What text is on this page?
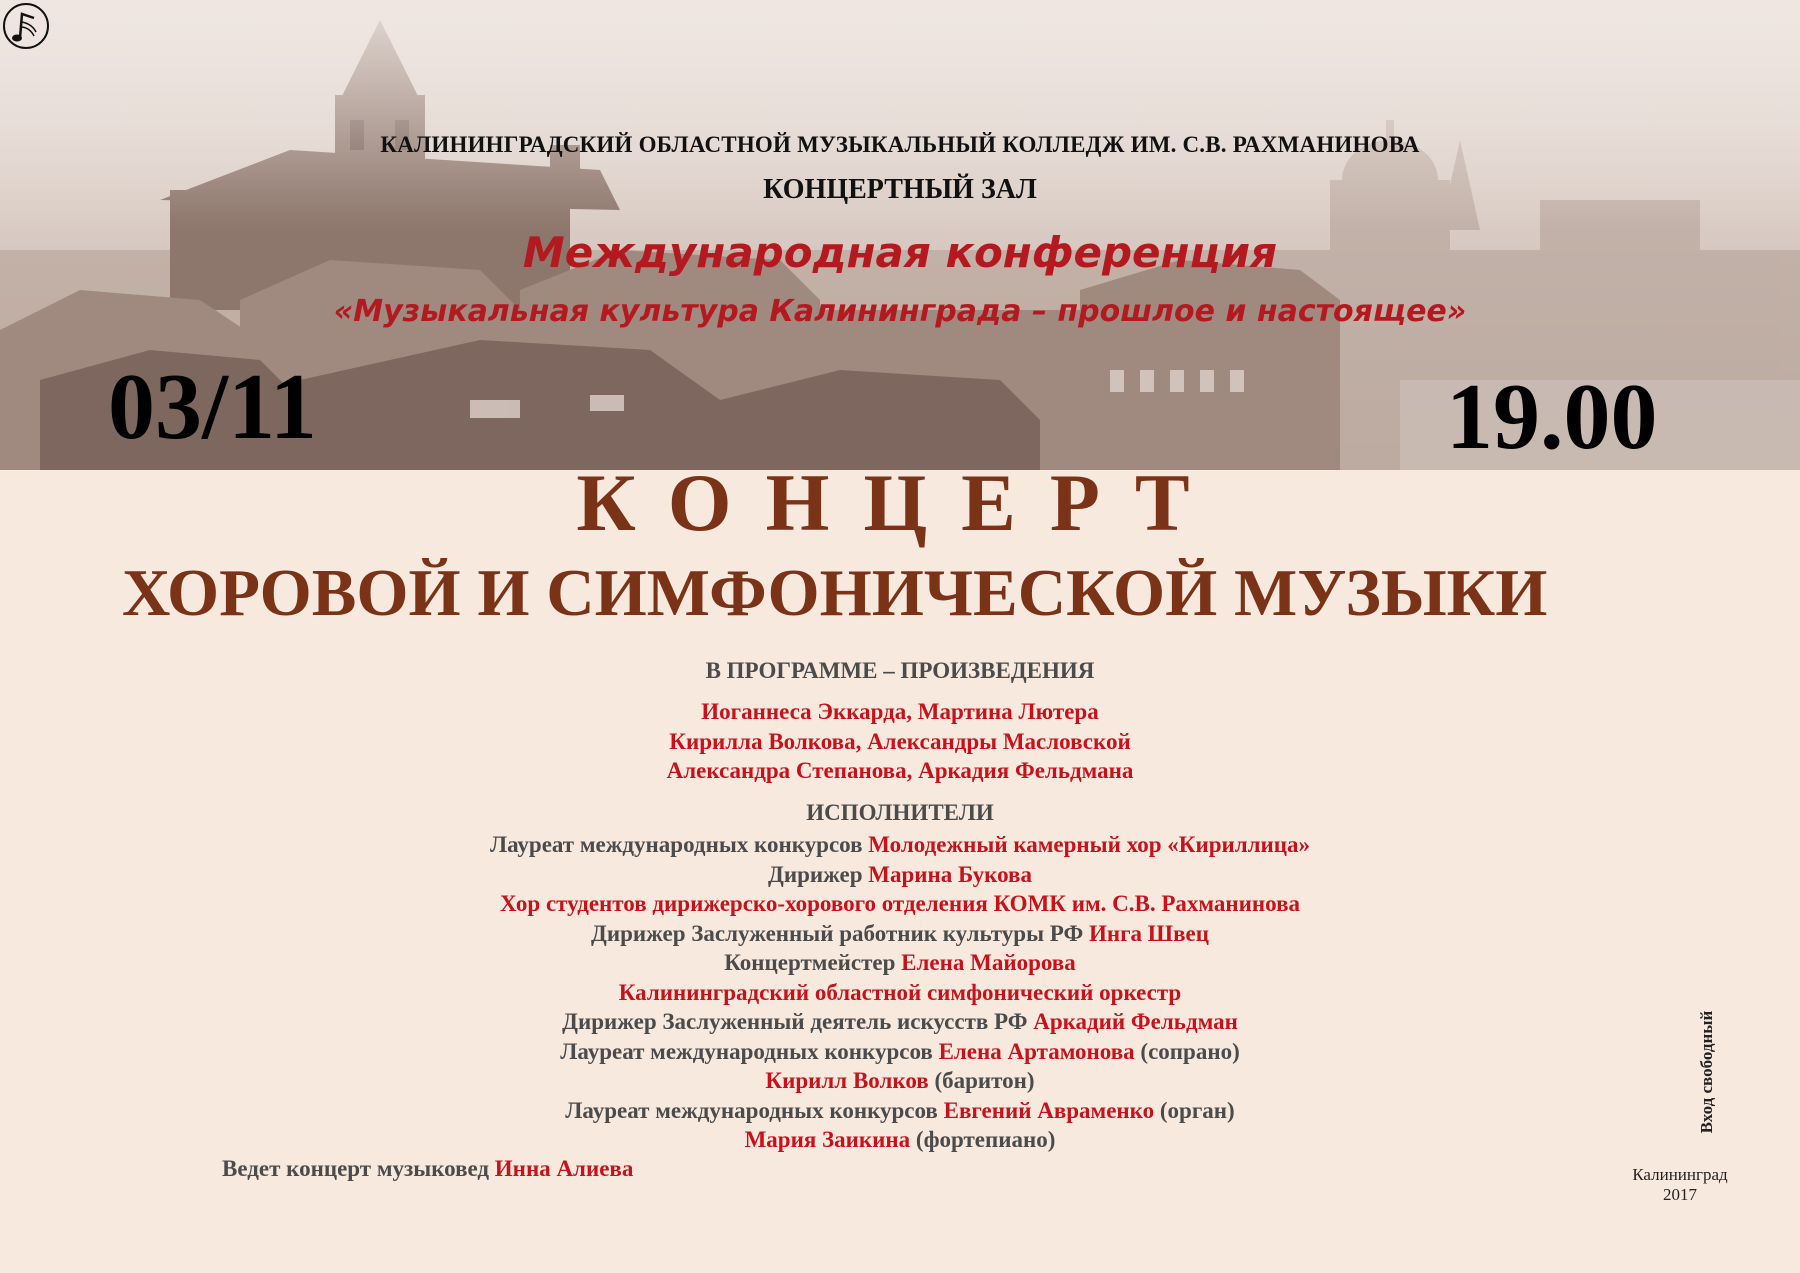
КАЛИНИНГРАДСКИЙ ОБЛАСТНОЙ МУЗЫКАЛЬНЫЙ КОЛЛЕДЖ ИМ. С.В. РАХМАНИНОВА
КОНЦЕРТНЫЙ ЗАЛ
Международная конференция
«Музыкальная культура Калининграда – прошлое и настоящее»
03/11	19.00
КОНЦЕРТ
ХОРОВОЙ И СИМФОНИЧЕСКОЙ МУЗЫКИ
В ПРОГРАММЕ – ПРОИЗВЕДЕНИЯ
Иоганнеса Эккарда, Мартина Лютера
Кирилла Волкова, Александры Масловской
Александра Степанова, Аркадия Фельдмана
ИСПОЛНИТЕЛИ
Лауреат международных конкурсов Молодежный камерный хор «Кириллица»
Дирижер Марина Букова
Хор студентов дирижерско-хорового отделения КОМК им. С.В. Рахманинова
Дирижер Заслуженный работник культуры РФ Инга Швец
Концертмейстер Елена Майорова
Калининградский областной симфонический оркестр
Дирижер Заслуженный деятель искусств РФ Аркадий Фельдман
Лауреат международных конкурсов Елена Артамонова (сопрано)
Кирилл Волков (баритон)
Лауреат международных конкурсов Евгений Авраменко (орган)
Мария Заикина (фортепиано)
Ведет концерт музыковед Инна Алиева
Вход свободный
Калининград
2017
